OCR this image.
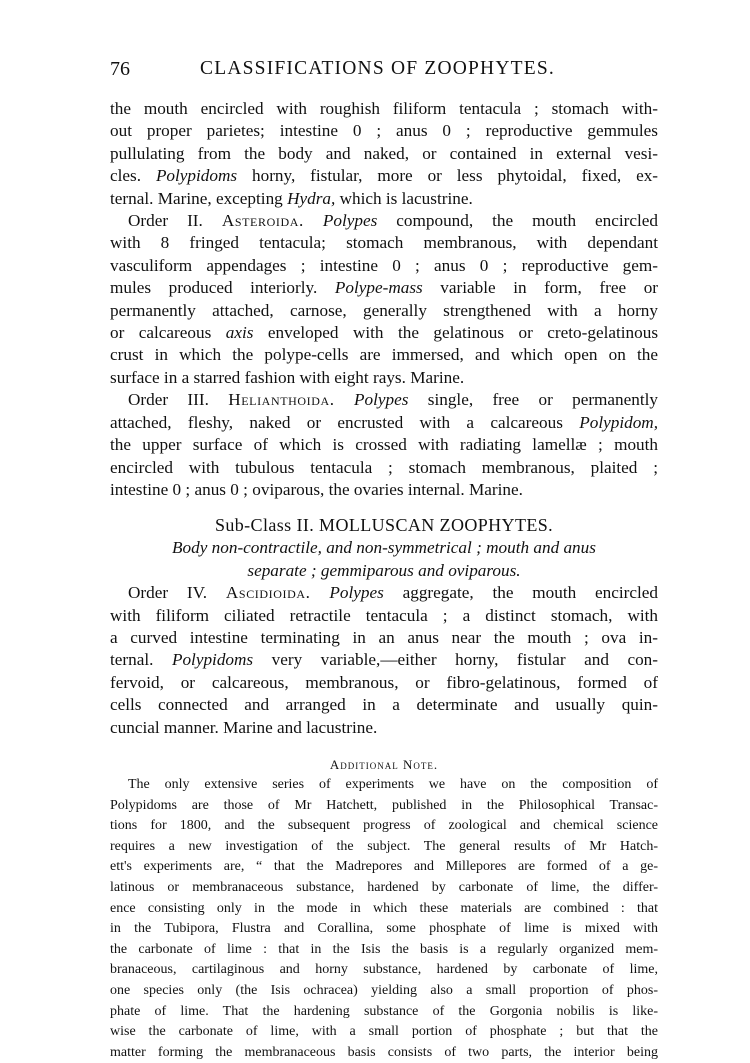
76	CLASSIFICATIONS OF ZOOPHYTES.
the mouth encircled with roughish filiform tentacula ; stomach with-
out proper parietes; intestine 0 ; anus 0 ; reproductive gemmules
pullulating from the body and naked, or contained in external vesi-
cles. Polypidoms horny, fistular, more or less phytoidal, fixed, ex-
ternal. Marine, excepting Hydra, which is lacustrine.
Order II. Asteroida. Polypes compound, the mouth encircled
with 8 fringed tentacula; stomach membranous, with dependant
vasculiform appendages ; intestine 0 ; anus 0 ; reproductive gem-
mules produced interiorly. Polype-mass variable in form, free or
permanently attached, carnose, generally strengthened with a horny
or calcareous axis enveloped with the gelatinous or creto-gelatinous
crust in which the polype-cells are immersed, and which open on the
surface in a starred fashion with eight rays. Marine.
Order III. Helianthoida. Polypes single, free or permanently
attached, fleshy, naked or encrusted with a calcareous Polypidom,
the upper surface of which is crossed with radiating lamellæ ; mouth
encircled with tubulous tentacula ; stomach membranous, plaited ;
intestine 0 ; anus 0 ; oviparous, the ovaries internal. Marine.
Sub-Class II. MOLLUSCAN ZOOPHYTES.
Body non-contractile, and non-symmetrical ; mouth and anus
separate ; gemmiparous and oviparous.
Order IV. Ascidioida. Polypes aggregate, the mouth encircled
with filiform ciliated retractile tentacula ; a distinct stomach, with
a curved intestine terminating in an anus near the mouth ; ova in-
ternal. Polypidoms very variable,—either horny, fistular and con-
fervoid, or calcareous, membranous, or fibro-gelatinous, formed of
cells connected and arranged in a determinate and usually quin-
cuncial manner. Marine and lacustrine.
Additional Note.
The only extensive series of experiments we have on the composition of
Polypidoms are those of Mr Hatchett, published in the Philosophical Transac-
tions for 1800, and the subsequent progress of zoological and chemical science
requires a new investigation of the subject. The general results of Mr Hatch-
ett's experiments are, “ that the Madrepores and Millepores are formed of a ge-
latinous or membranaceous substance, hardened by carbonate of lime, the differ-
ence consisting only in the mode in which these materials are combined : that
in the Tubipora, Flustra and Corallina, some phosphate of lime is mixed with
the carbonate of lime : that in the Isis the basis is a regularly organized mem-
branaceous, cartilaginous and horny substance, hardened by carbonate of lime,
one species only (the Isis ochracea) yielding also a small proportion of phos-
phate of lime. That the hardening substance of the Gorgonia nobilis is like-
wise the carbonate of lime, with a small portion of phosphate ; but that the
matter forming the membranaceous basis consists of two parts, the interior being
